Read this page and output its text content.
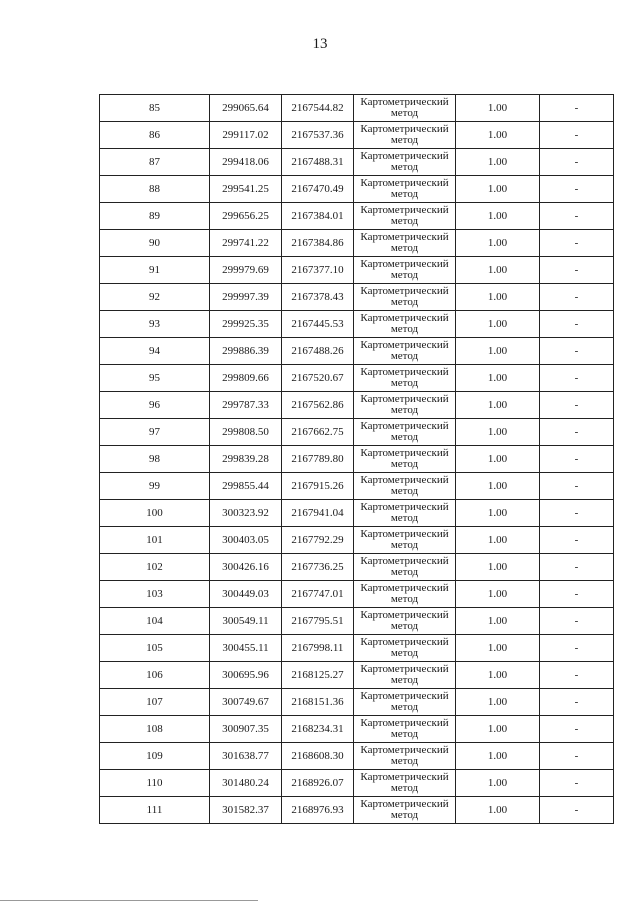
13
85	299065.64	2167544.82	Картометрический метод	1.00	-
86	299117.02	2167537.36	Картометрический метод	1.00	-
87	299418.06	2167488.31	Картометрический метод	1.00	-
88	299541.25	2167470.49	Картометрический метод	1.00	-
89	299656.25	2167384.01	Картометрический метод	1.00	-
90	299741.22	2167384.86	Картометрический метод	1.00	-
91	299979.69	2167377.10	Картометрический метод	1.00	-
92	299997.39	2167378.43	Картометрический метод	1.00	-
93	299925.35	2167445.53	Картометрический метод	1.00	-
94	299886.39	2167488.26	Картометрический метод	1.00	-
95	299809.66	2167520.67	Картометрический метод	1.00	-
96	299787.33	2167562.86	Картометрический метод	1.00	-
97	299808.50	2167662.75	Картометрический метод	1.00	-
98	299839.28	2167789.80	Картометрический метод	1.00	-
99	299855.44	2167915.26	Картометрический метод	1.00	-
100	300323.92	2167941.04	Картометрический метод	1.00	-
101	300403.05	2167792.29	Картометрический метод	1.00	-
102	300426.16	2167736.25	Картометрический метод	1.00	-
103	300449.03	2167747.01	Картометрический метод	1.00	-
104	300549.11	2167795.51	Картометрический метод	1.00	-
105	300455.11	2167998.11	Картометрический метод	1.00	-
106	300695.96	2168125.27	Картометрический метод	1.00	-
107	300749.67	2168151.36	Картометрический метод	1.00	-
108	300907.35	2168234.31	Картометрический метод	1.00	-
109	301638.77	2168608.30	Картометрический метод	1.00	-
110	301480.24	2168926.07	Картометрический метод	1.00	-
111	301582.37	2168976.93	Картометрический метод	1.00	-
